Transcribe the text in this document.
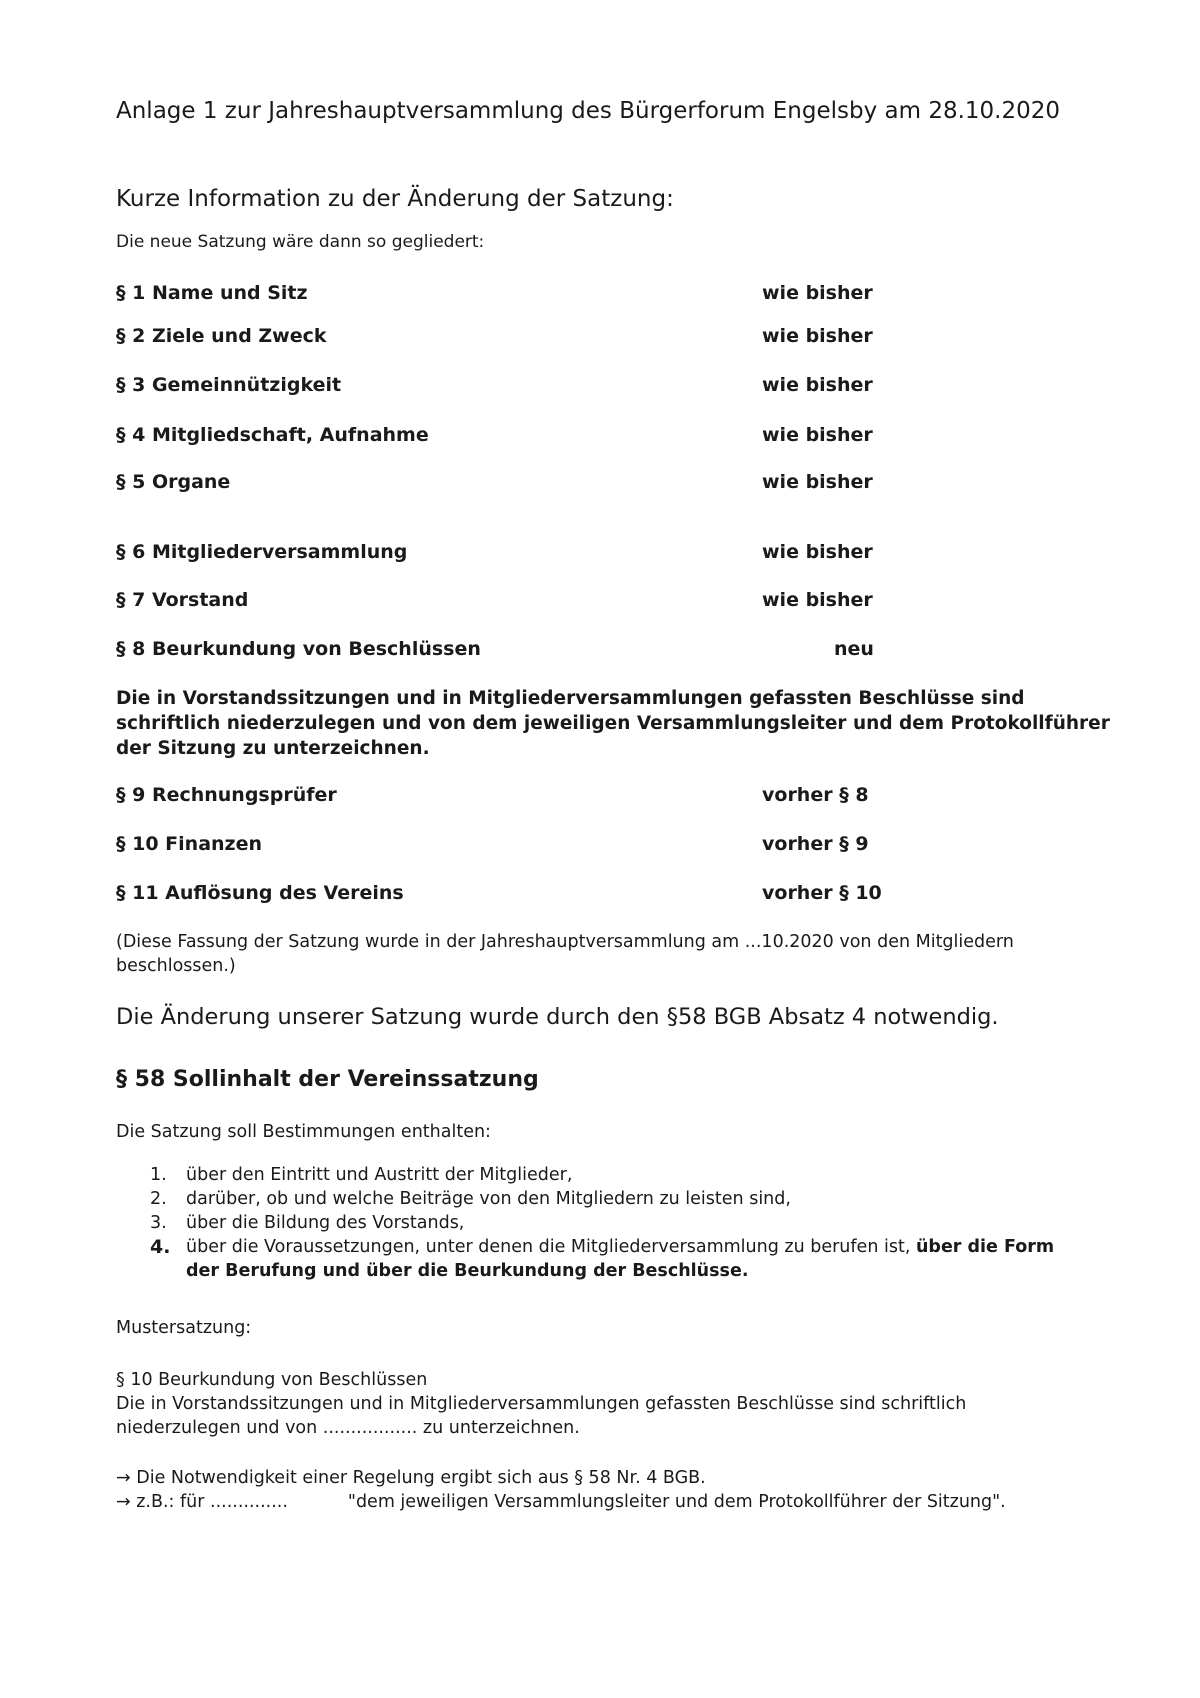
Anlage 1 zur Jahreshauptversammlung des Bürgerforum Engelsby am 28.10.2020
Kurze Information zu der Änderung der Satzung:
Die neue Satzung wäre dann so gegliedert:
§ 1 Name und Sitz	wie bisher
§ 2 Ziele und Zweck	wie bisher
§ 3 Gemeinnützigkeit	wie bisher
§ 4 Mitgliedschaft, Aufnahme	wie bisher
§ 5 Organe	wie bisher
§ 6 Mitgliederversammlung	wie bisher
§ 7 Vorstand	wie bisher
§ 8 Beurkundung von Beschlüssen	neu
Die in Vorstandssitzungen und in Mitgliederversammlungen gefassten Beschlüsse sind schriftlich niederzulegen und von dem jeweiligen Versammlungsleiter und dem Protokollführer der Sitzung zu unterzeichnen.
§ 9 Rechnungsprüfer	vorher § 8
§ 10 Finanzen	vorher § 9
§ 11 Auflösung des Vereins	vorher § 10
(Diese Fassung der Satzung wurde in der Jahreshauptversammlung am ...10.2020 von den Mitgliedern beschlossen.)
Die Änderung unserer Satzung wurde durch den §58 BGB Absatz 4 notwendig.
§ 58 Sollinhalt der Vereinssatzung
Die Satzung soll Bestimmungen enthalten:
1.	über den Eintritt und Austritt der Mitglieder,
2.	darüber, ob und welche Beiträge von den Mitgliedern zu leisten sind,
3.	über die Bildung des Vorstands,
4. über die Voraussetzungen, unter denen die Mitgliederversammlung zu berufen ist, über die Form der Berufung und über die Beurkundung der Beschlüsse.
Mustersatzung:
§ 10 Beurkundung von Beschlüssen
Die in Vorstandssitzungen und in Mitgliederversammlungen gefassten Beschlüsse sind schriftlich niederzulegen und von ................. zu unterzeichnen.
→ Die Notwendigkeit einer Regelung ergibt sich aus § 58 Nr. 4 BGB.
→ z.B.: für ..............	"dem jeweiligen Versammlungsleiter und dem Protokollführer der Sitzung".
